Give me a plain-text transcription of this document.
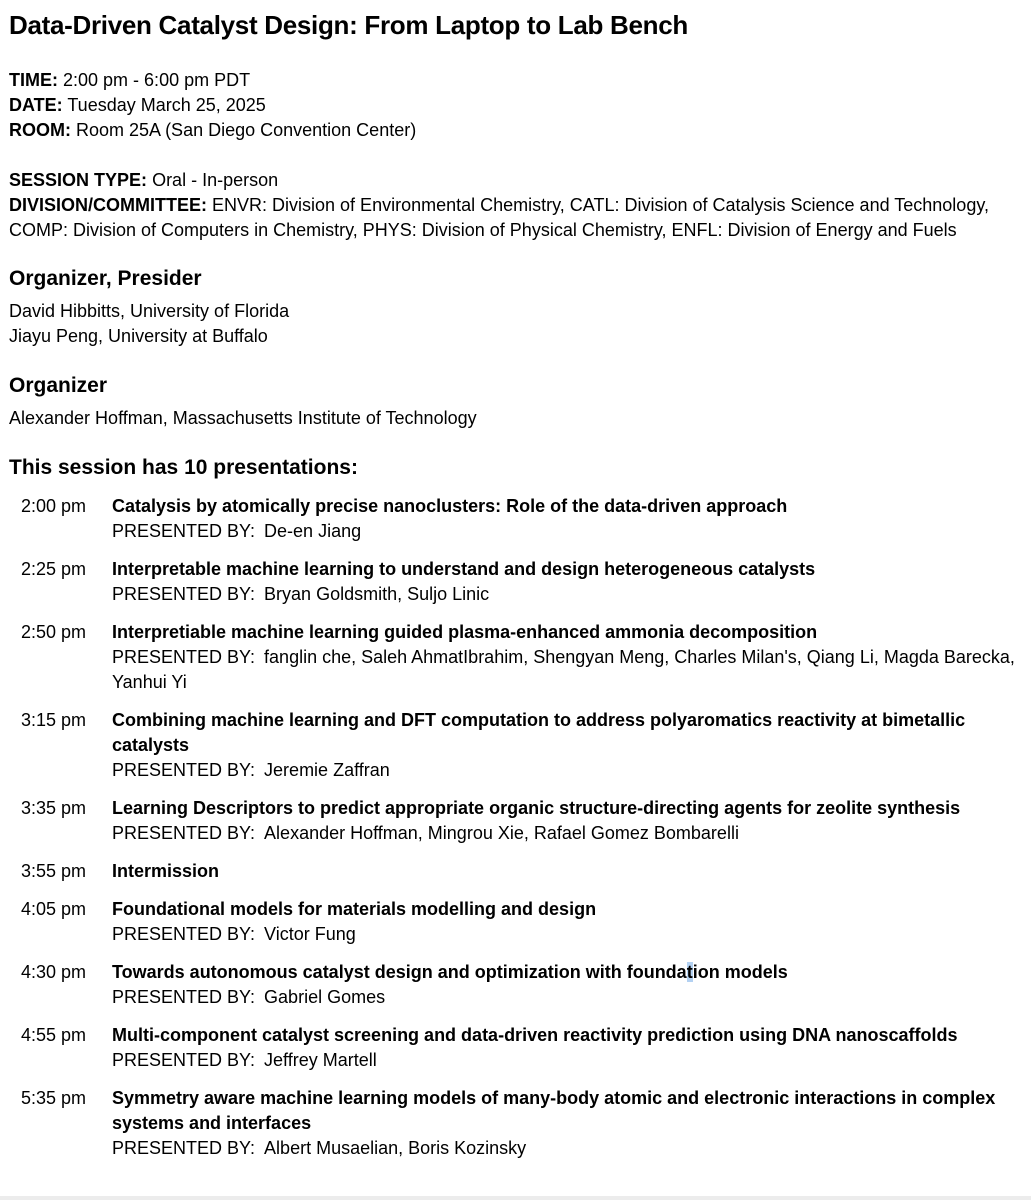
Data-Driven Catalyst Design: From Laptop to Lab Bench

TIME: 2:00 pm - 6:00 pm PDT

DATE: Tuesday March 25, 2025

ROOM: Room 25A (San Diego Convention Center)

SESSION TYPE: Oral - In-person

DIVISION/COMMITTEE: ENVR: Division of Environmental Chemistry, CATL: Division of Catalysis Science and Technology, COMP: Division of Computers in Chemistry, PHYS: Division of Physical Chemistry, ENFL: Division of Energy and Fuels

Organizer, Presider

David Hibbitts, University of Florida

Jiayu Peng, University at Buffalo

Organizer

Alexander Hoffman, Massachusetts Institute of Technology

This session has 10 presentations:
2:00 pm	Catalysis by atomically precise nanoclusters: Role of the data-driven approach
PRESENTED BY: De-en Jiang
2:25 pm	Interpretable machine learning to understand and design heterogeneous catalysts
PRESENTED BY: Bryan Goldsmith, Suljo Linic
2:50 pm	Interpretiable machine learning guided plasma-enhanced ammonia decomposition
PRESENTED BY: fanglin che, Saleh AhmatIbrahim, Shengyan Meng, Charles Milan's, Qiang Li, Magda Barecka, Yanhui Yi
3:15 pm	Combining machine learning and DFT computation to address polyaromatics reactivity at bimetallic catalysts
PRESENTED BY: Jeremie Zaffran
3:35 pm	Learning Descriptors to predict appropriate organic structure-directing agents for zeolite synthesis
PRESENTED BY: Alexander Hoffman, Mingrou Xie, Rafael Gomez Bombarelli
3:55 pm	Intermission
4:05 pm	Foundational models for materials modelling and design
PRESENTED BY: Victor Fung
4:30 pm	Towards autonomous catalyst design and optimization with foundation models
PRESENTED BY: Gabriel Gomes
4:55 pm	Multi-component catalyst screening and data-driven reactivity prediction using DNA nanoscaffolds
PRESENTED BY: Jeffrey Martell
5:35 pm	Symmetry aware machine learning models of many-body atomic and electronic interactions in complex systems and interfaces
PRESENTED BY: Albert Musaelian, Boris Kozinsky
